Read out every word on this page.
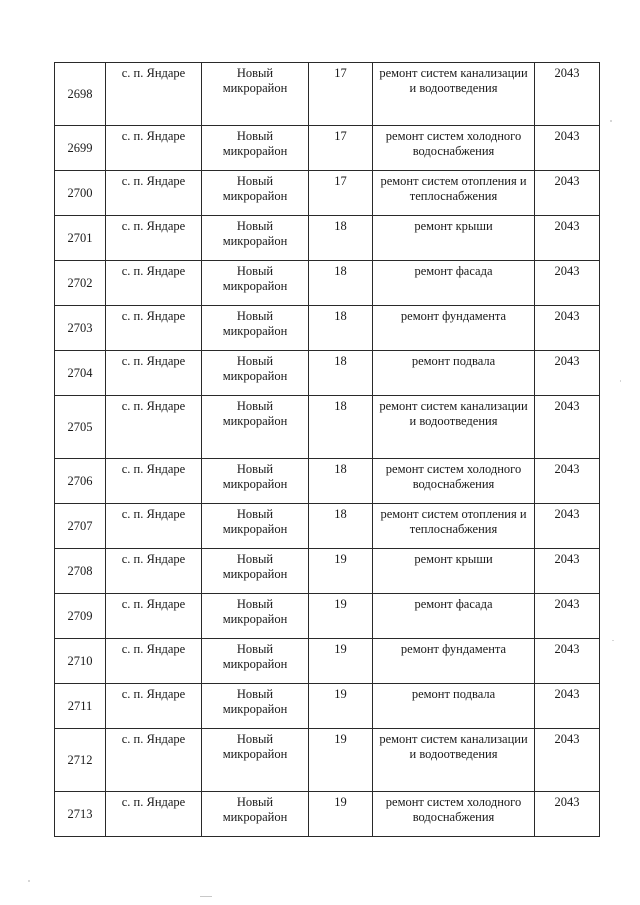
2698	с. п. Яндаре	Новый микрорайон	17	ремонт систем канализации и водоотведения	2043
2699	с. п. Яндаре	Новый микрорайон	17	ремонт систем холодного водоснабжения	2043
2700	с. п. Яндаре	Новый микрорайон	17	ремонт систем отопления и теплоснабжения	2043
2701	с. п. Яндаре	Новый микрорайон	18	ремонт крыши	2043
2702	с. п. Яндаре	Новый микрорайон	18	ремонт фасада	2043
2703	с. п. Яндаре	Новый микрорайон	18	ремонт фундамента	2043
2704	с. п. Яндаре	Новый микрорайон	18	ремонт подвала	2043
2705	с. п. Яндаре	Новый микрорайон	18	ремонт систем канализации и водоотведения	2043
2706	с. п. Яндаре	Новый микрорайон	18	ремонт систем холодного водоснабжения	2043
2707	с. п. Яндаре	Новый микрорайон	18	ремонт систем отопления и теплоснабжения	2043
2708	с. п. Яндаре	Новый микрорайон	19	ремонт крыши	2043
2709	с. п. Яндаре	Новый микрорайон	19	ремонт фасада	2043
2710	с. п. Яндаре	Новый микрорайон	19	ремонт фундамента	2043
2711	с. п. Яндаре	Новый микрорайон	19	ремонт подвала	2043
2712	с. п. Яндаре	Новый микрорайон	19	ремонт систем канализации и водоотведения	2043
2713	с. п. Яндаре	Новый микрорайон	19	ремонт систем холодного водоснабжения	2043
